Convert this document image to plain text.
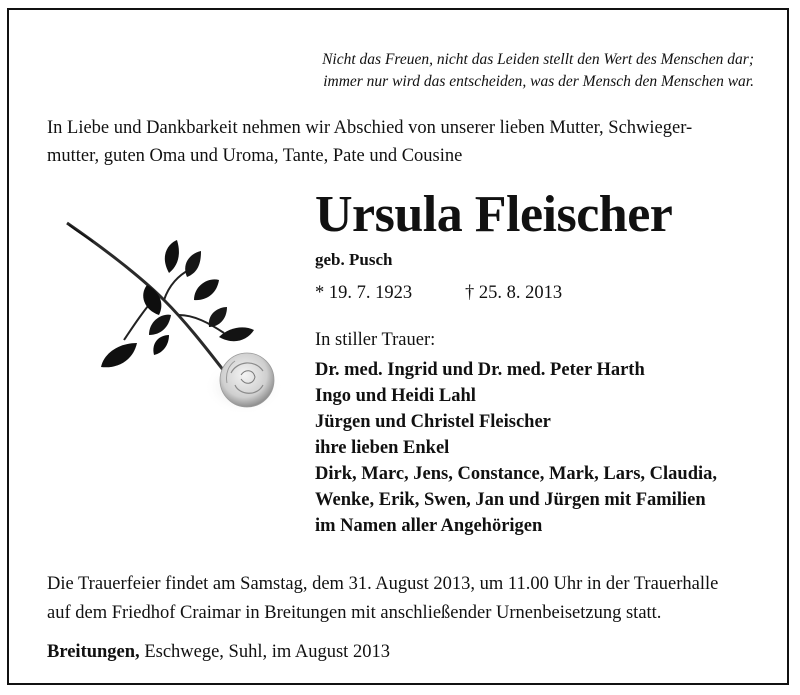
Nicht das Freuen, nicht das Leiden stellt den Wert des Menschen dar;
immer nur wird das entscheiden, was der Mensch den Menschen war.
In Liebe und Dankbarkeit nehmen wir Abschied von unserer lieben Mutter, Schwieger-
mutter, guten Oma und Uroma, Tante, Pate und Cousine
Ursula Fleischer
geb. Pusch
* 19. 7. 1923	† 25. 8. 2013
In stiller Trauer:
Dr. med. Ingrid und Dr. med. Peter Harth
Ingo und Heidi Lahl
Jürgen und Christel Fleischer
ihre lieben Enkel
Dirk, Marc, Jens, Constance, Mark, Lars, Claudia,
Wenke, Erik, Swen, Jan und Jürgen mit Familien
im Namen aller Angehörigen
Die Trauerfeier findet am Samstag, dem 31. August 2013, um 11.00 Uhr in der Trauerhalle
auf dem Friedhof Craimar in Breitungen mit anschließender Urnenbeisetzung statt.
Breitungen, Eschwege, Suhl, im August 2013
